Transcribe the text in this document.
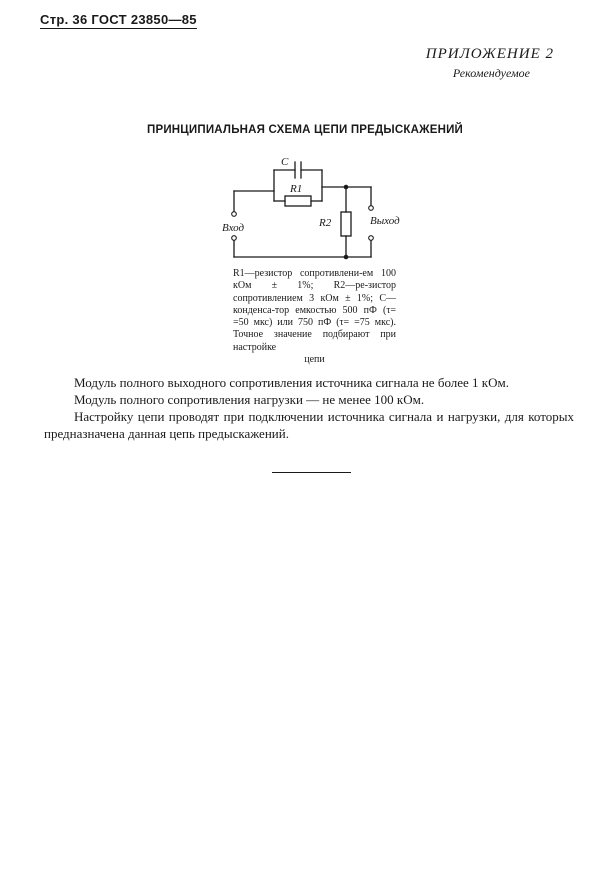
Стр. 36 ГОСТ 23850—85
ПРИЛОЖЕНИЕ 2
Рекомендуемое
ПРИНЦИПИАЛЬНАЯ СХЕМА ЦЕПИ ПРЕДЫСКАЖЕНИЙ
C
R1
R2
Вход
Выход

R1—резистор сопротивлени-ем 100 кОм ± 1%; R2—ре-зистор сопротивлением 3 кОм ± 1%; C—конденса-тор емкостью 500 пФ (τ= =50 мкс) или 750 пФ (τ= =75 мкс). Точное значение подбирают при настройке
цепи

Модуль полного выходного сопротивления источника сигнала не более 1 кОм.

Модуль полного сопротивления нагрузки — не менее 100 кОм.

Настройку цепи проводят при подключении источника сигнала и нагрузки, для которых предназначена данная цепь предыскажений.
